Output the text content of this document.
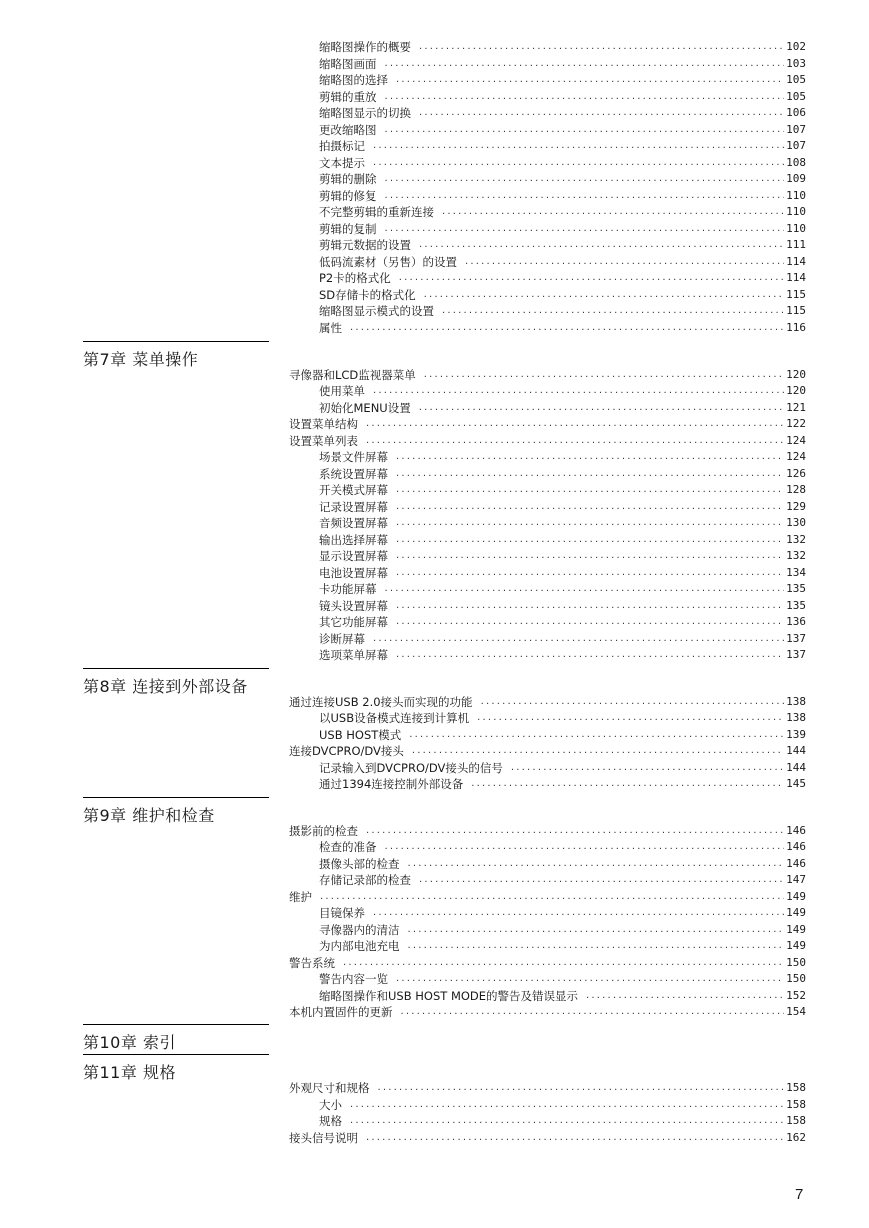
第7章 菜单操作
第8章 连接到外部设备
第9章 维护和检查
第10章 索引
第11章 规格
缩略图操作的概要 .....	102
缩略图画面 .....	103
缩略图的选择 .....	105
剪辑的重放 .....	105
缩略图显示的切换 .....	106
更改缩略图 .....	107
拍摄标记 .....	107
文本提示 .....	108
剪辑的删除 .....	109
剪辑的修复 .....	110
不完整剪辑的重新连接 .....	110
剪辑的复制 .....	110
剪辑元数据的设置 .....	111
低码流素材（另售）的设置 .....	114
P2卡的格式化 .....	114
SD存储卡的格式化 .....	115
缩略图显示模式的设置 .....	115
属性 .....	116
寻像器和LCD监视器菜单 .....	120
使用菜单 .....	120
初始化MENU设置 .....	121
设置菜单结构 .....	122
设置菜单列表 .....	124
场景文件屏幕 .....	124
系统设置屏幕 .....	126
开关模式屏幕 .....	128
记录设置屏幕 .....	129
音频设置屏幕 .....	130
输出选择屏幕 .....	132
显示设置屏幕 .....	132
电池设置屏幕 .....	134
卡功能屏幕 .....	135
镜头设置屏幕 .....	135
其它功能屏幕 .....	136
诊断屏幕 .....	137
选项菜单屏幕 .....	137
通过连接USB 2.0接头而实现的功能 .....	138
以USB设备模式连接到计算机 .....	138
USB HOST模式 .....	139
连接DVCPRO/DV接头 .....	144
记录输入到DVCPRO/DV接头的信号 .....	144
通过1394连接控制外部设备 .....	145
摄影前的检查 .....	146
检查的准备 .....	146
摄像头部的检查 .....	146
存储记录部的检查 .....	147
维护 .....	149
目镜保养 .....	149
寻像器内的清洁 .....	149
为内部电池充电 .....	149
警告系统 .....	150
警告内容一览 .....	150
缩略图操作和USB HOST MODE的警告及错误显示 .....	152
本机内置固件的更新 .....	154
外观尺寸和规格 .....	158
大小 .....	158
规格 .....	158
接头信号说明 .....	162
7
